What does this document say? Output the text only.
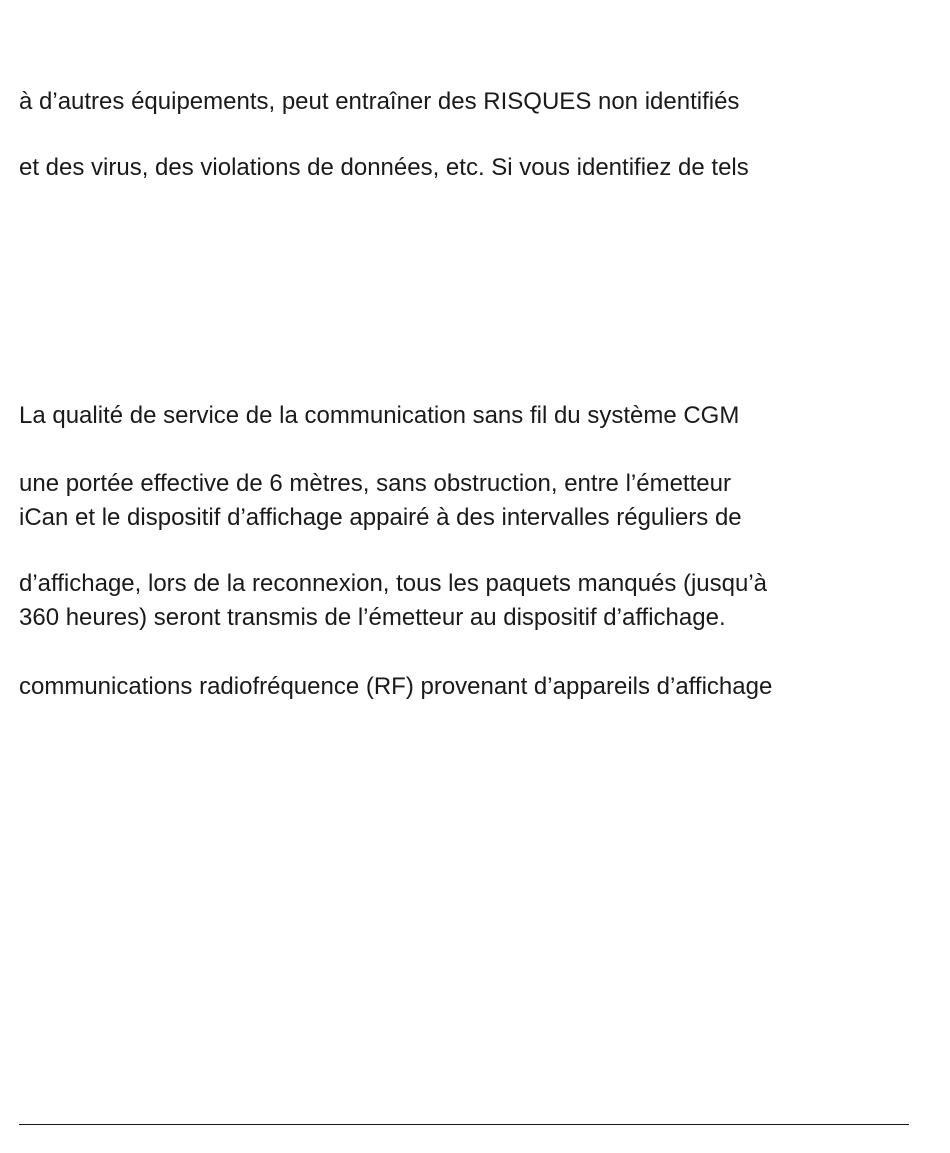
à d’autres équipements, peut entraîner des RISQUES non identifiés

et des virus, des violations de données, etc. Si vous identifiez de tels

La qualité de service de la communication sans fil du système CGM

une portée effective de 6 mètres, sans obstruction, entre l’émetteur

iCan et le dispositif d’affichage appairé à des intervalles réguliers de

d’affichage, lors de la reconnexion, tous les paquets manqués (jusqu’à

360 heures) seront transmis de l’émetteur au dispositif d’affichage.

communications radiofréquence (RF) provenant d’appareils d’affichage
